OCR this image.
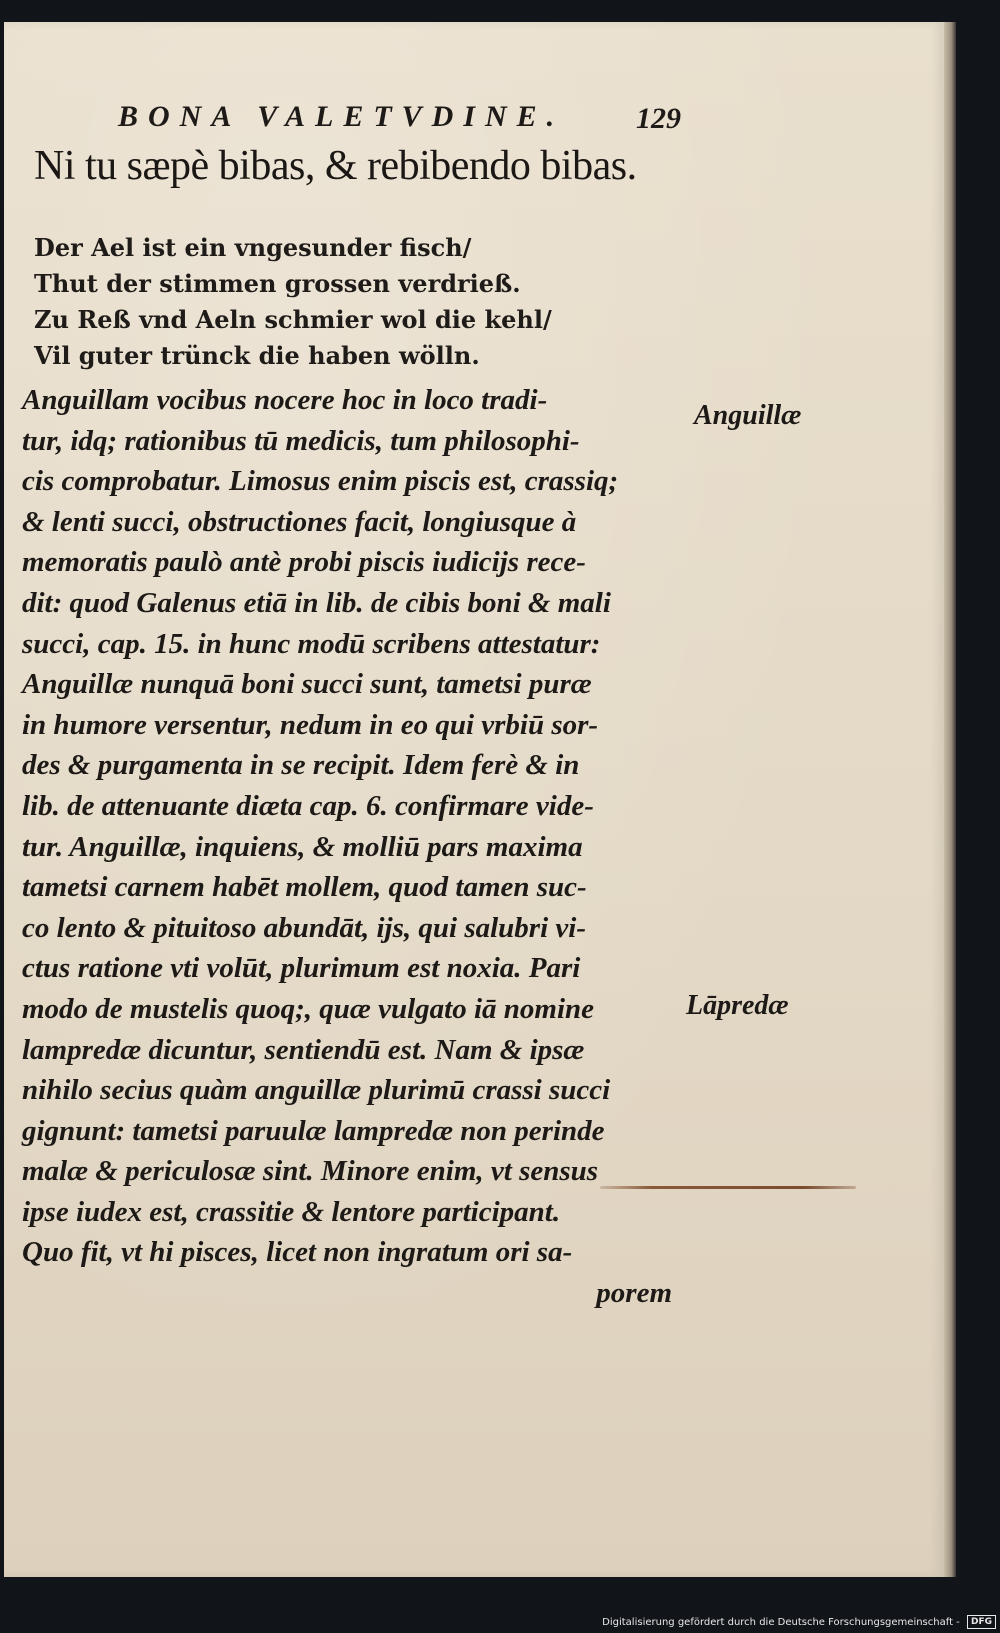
BONA VALETVDINE. 129
Ni tu sæpè bibas, & rebibendo bibas.
Der Ael ist ein vngesunder fisch/
Thut der stimmen grossen verdrieß.
Zu Reß vnd Aeln schmier wol die kehl/
Vil guter trünck die haben wölln.
Anguillam vocibus nocere hoc in loco tradi-
tur, idq; rationibus tū medicis, tum philosophi-
cis comprobatur. Limosus enim piscis est, crassiq;
& lenti succi, obstructiones facit, longiusque à
memoratis paulò antè probi piscis iudicijs rece-
dit: quod Galenus etiā in lib. de cibis boni & mali
succi, cap. 15. in hunc modū scribens attestatur:
Anguillæ nunquā boni succi sunt, tametsi puræ
in humore versentur, nedum in eo qui vrbiū sor-
des & purgamenta in se recipit. Idem ferè & in
lib. de attenuante diæta cap. 6. confirmare vide-
tur. Anguillæ, inquiens, & molliū pars maxima
tametsi carnem habēt mollem, quod tamen suc-
co lento & pituitoso abundāt, ijs, qui salubri vi-
ctus ratione vti volūt, plurimum est noxia. Pari
modo de mustelis quoq;, quæ vulgato iā nomine
lampredæ dicuntur, sentiendū est. Nam & ipsæ
nihilo secius quàm anguillæ plurimū crassi succi
gignunt: tametsi paruulæ lampredæ non perinde
malæ & periculosæ sint. Minore enim, vt sensus
ipse iudex est, crassitie & lentore participant.
Quo fit, vt hi pisces, licet non ingratum ori sa-
porem
Anguillæ
Lāpredæ
Digitalisierung gefördert durch die Deutsche Forschungsgemeinschaft - DFG
